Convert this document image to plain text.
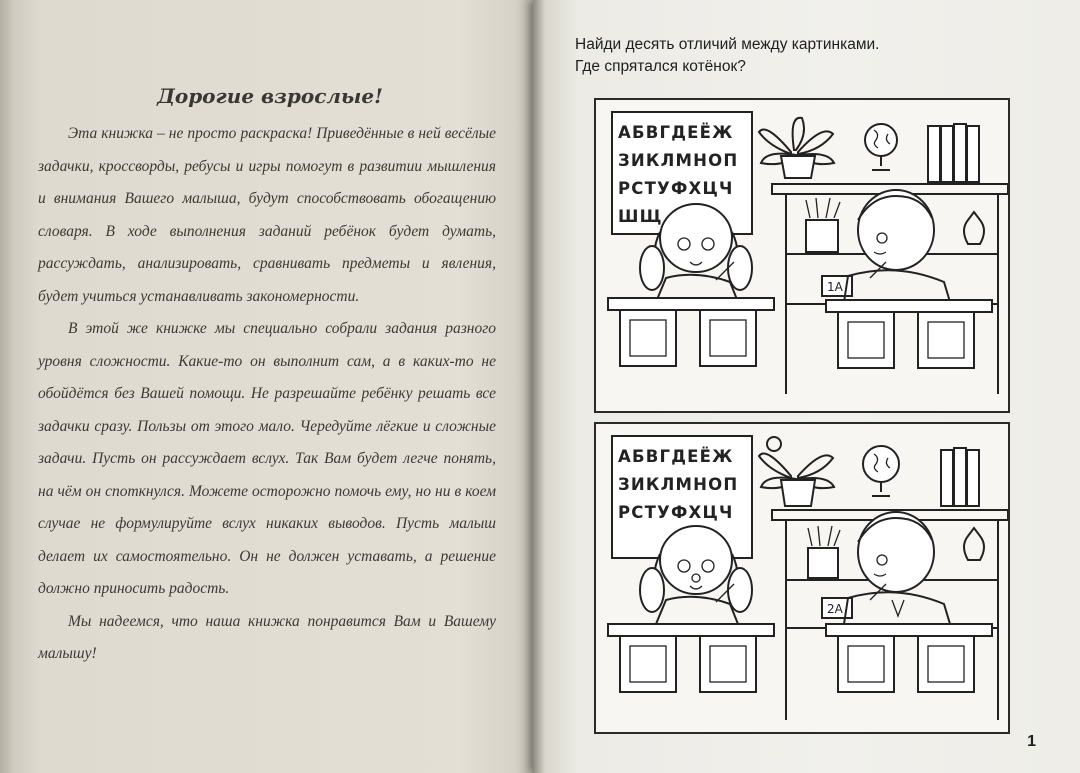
Дорогие взрослые!

Эта книжка – не просто раскраска! Приведённые в ней весёлые задачки, кроссворды, ребусы и игры помогут в развитии мышления и внимания Вашего малыша, будут способствовать обогащению словаря. В ходе выполнения заданий ребёнок будет думать, рассуждать, анализировать, сравнивать предметы и явления, будет учиться устанавливать закономерности.

В этой же книжке мы специально собрали задания разного уровня сложности. Какие-то он выполнит сам, а в каких-то не обойдётся без Вашей помощи. Не разрешайте ребёнку решать все задачки сразу. Пользы от этого мало. Чередуйте лёгкие и сложные задачи. Пусть он рассуждает вслух. Так Вам будет легче понять, на чём он споткнулся. Можете осторожно помочь ему, но ни в коем случае не формулируйте вслух никаких выводов. Пусть малыш делает их самостоятельно. Он не должен уставать, а решение должно приносить радость.

Мы надеемся, что наша книжка понравится Вам и Вашему малышу!

Найди десять отличий между картинками.
Где спрятался котёнок?
АБВГДЕЁЖ
ЗИКЛМНОП
РСТУФХЦЧ
ШЩ
1А
АБВГДЕЁЖ
ЗИКЛМНОП
РСТУФХЦЧ
2А
1
